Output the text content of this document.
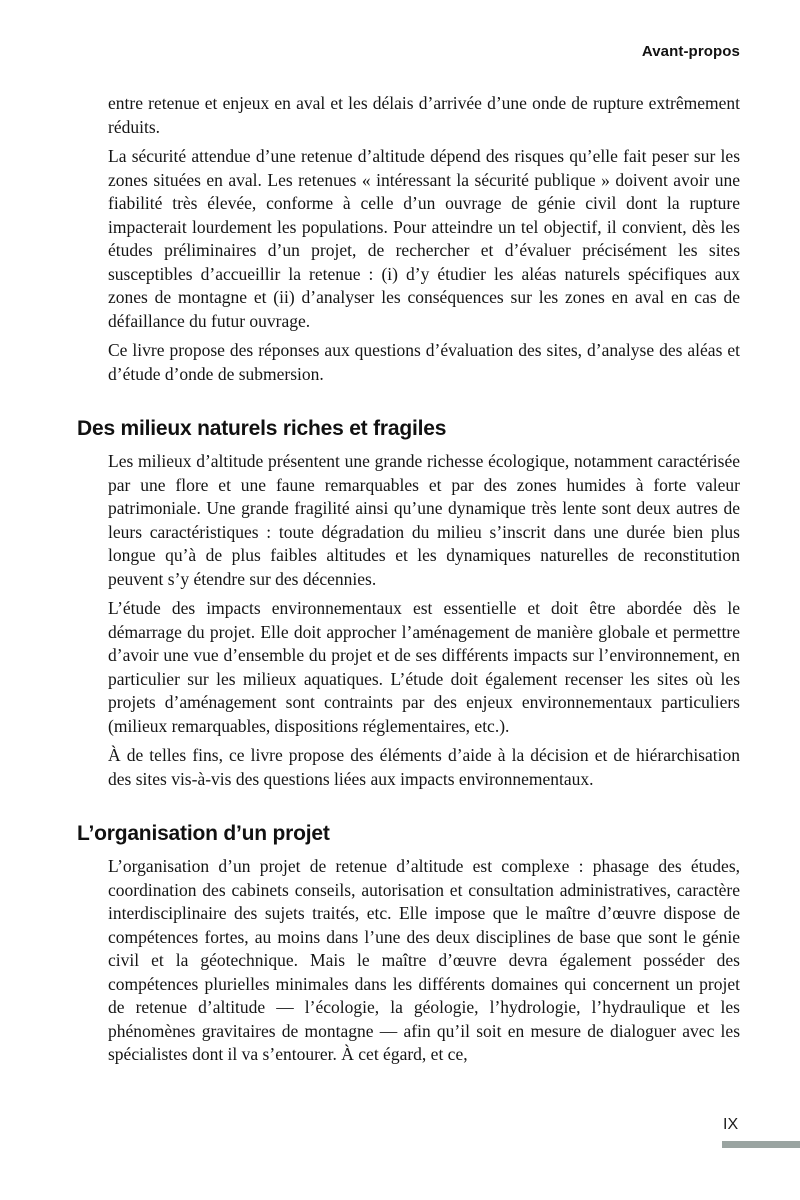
Avant-propos

entre retenue et enjeux en aval et les délais d’arrivée d’une onde de rupture extrêmement réduits.

La sécurité attendue d’une retenue d’altitude dépend des risques qu’elle fait peser sur les zones situées en aval. Les retenues « intéressant la sécurité publique » doivent avoir une fiabilité très élevée, conforme à celle d’un ouvrage de génie civil dont la rupture impacterait lourdement les populations. Pour atteindre un tel objectif, il convient, dès les études préliminaires d’un projet, de rechercher et d’évaluer précisément les sites susceptibles d’accueillir la retenue : (i) d’y étudier les aléas naturels spécifiques aux zones de montagne et (ii) d’analyser les conséquences sur les zones en aval en cas de défaillance du futur ouvrage.

Ce livre propose des réponses aux questions d’évaluation des sites, d’analyse des aléas et d’étude d’onde de submersion.

Des milieux naturels riches et fragiles

Les milieux d’altitude présentent une grande richesse écologique, notamment caractérisée par une flore et une faune remarquables et par des zones humides à forte valeur patrimoniale. Une grande fragilité ainsi qu’une dynamique très lente sont deux autres de leurs caractéristiques : toute dégradation du milieu s’inscrit dans une durée bien plus longue qu’à de plus faibles altitudes et les dynamiques naturelles de reconstitution peuvent s’y étendre sur des décennies.

L’étude des impacts environnementaux est essentielle et doit être abordée dès le démarrage du projet. Elle doit approcher l’aménagement de manière globale et permettre d’avoir une vue d’ensemble du projet et de ses différents impacts sur l’environnement, en particulier sur les milieux aquatiques. L’étude doit également recenser les sites où les projets d’aménagement sont contraints par des enjeux environnementaux particuliers (milieux remarquables, dispositions réglementaires, etc.).

À de telles fins, ce livre propose des éléments d’aide à la décision et de hiérarchisation des sites vis-à-vis des questions liées aux impacts environnementaux.

L’organisation d’un projet

L’organisation d’un projet de retenue d’altitude est complexe : phasage des études, coordination des cabinets conseils, autorisation et consultation administratives, caractère interdisciplinaire des sujets traités, etc. Elle impose que le maître d’œuvre dispose de compétences fortes, au moins dans l’une des deux disciplines de base que sont le génie civil et la géotechnique. Mais le maître d’œuvre devra également posséder des compétences plurielles minimales dans les différents domaines qui concernent un projet de retenue d’altitude — l’écologie, la géologie, l’hydrologie, l’hydraulique et les phénomènes gravitaires de montagne — afin qu’il soit en mesure de dialoguer avec les spécialistes dont il va s’entourer. À cet égard, et ce,

IX
